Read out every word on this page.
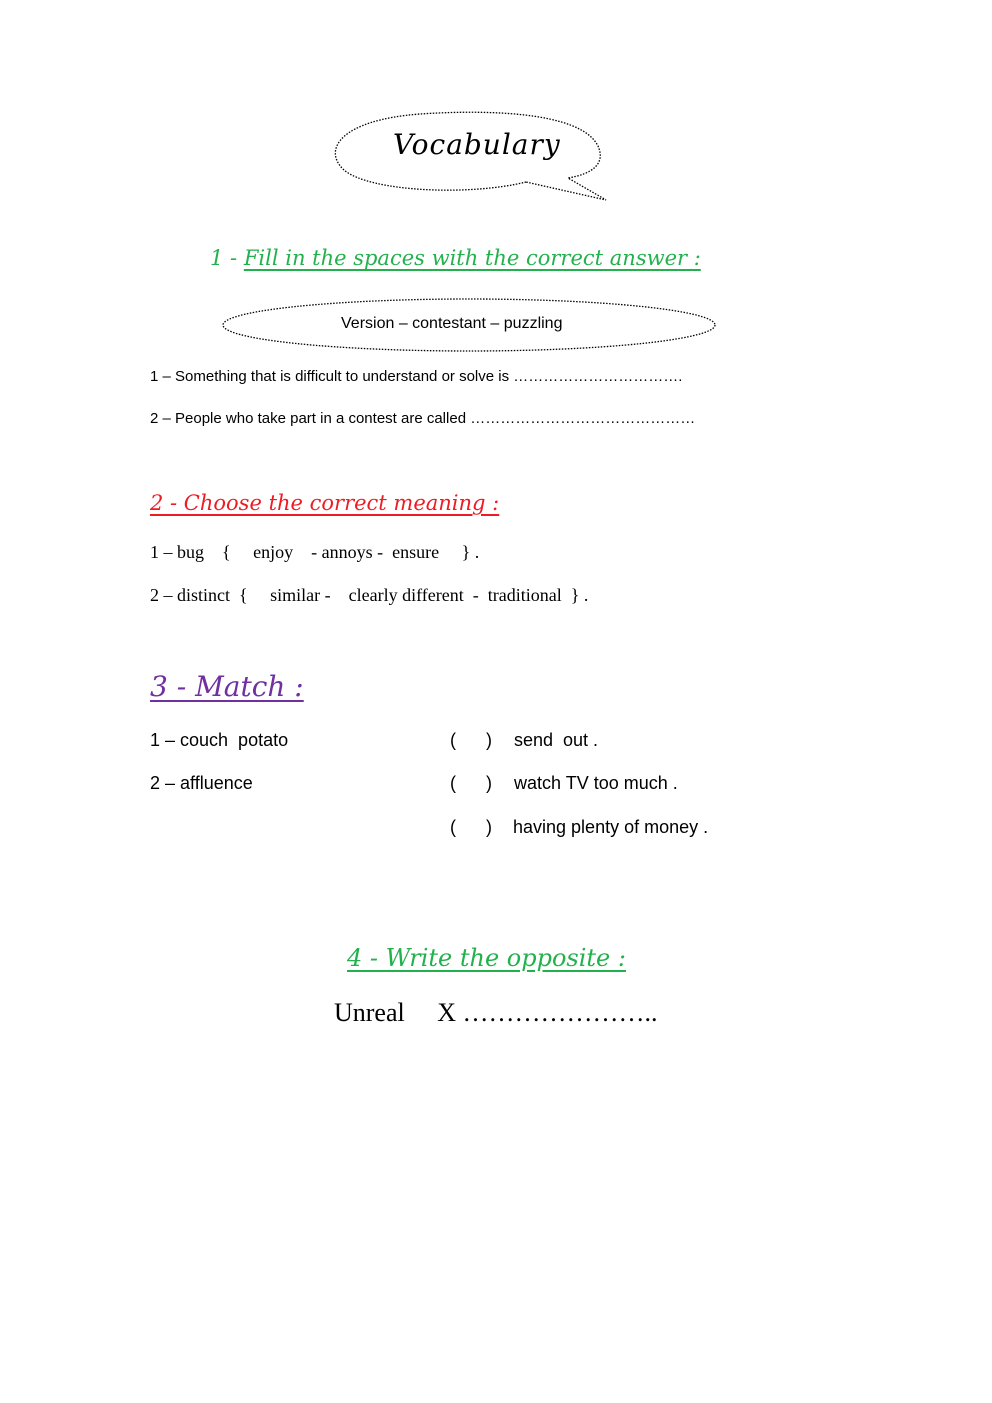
Vocabulary
1 - Fill in the spaces with the correct answer :
Version – contestant – puzzling
1 – Something that is difficult to understand or solve is …………………………….
2 – People who take part in a contest are called ………………………………………
2 - Choose the correct meaning :
1 – bug    {     enjoy    - annoys -  ensure     } .
2 – distinct  {     similar -    clearly different  -  traditional  } .
3 - Match :
1 – couch  potato
2 – affluence
(      ) send  out .
(      ) watch TV too much .
(      ) having plenty of money .
4 - Write the opposite :
Unreal     X …………………..
